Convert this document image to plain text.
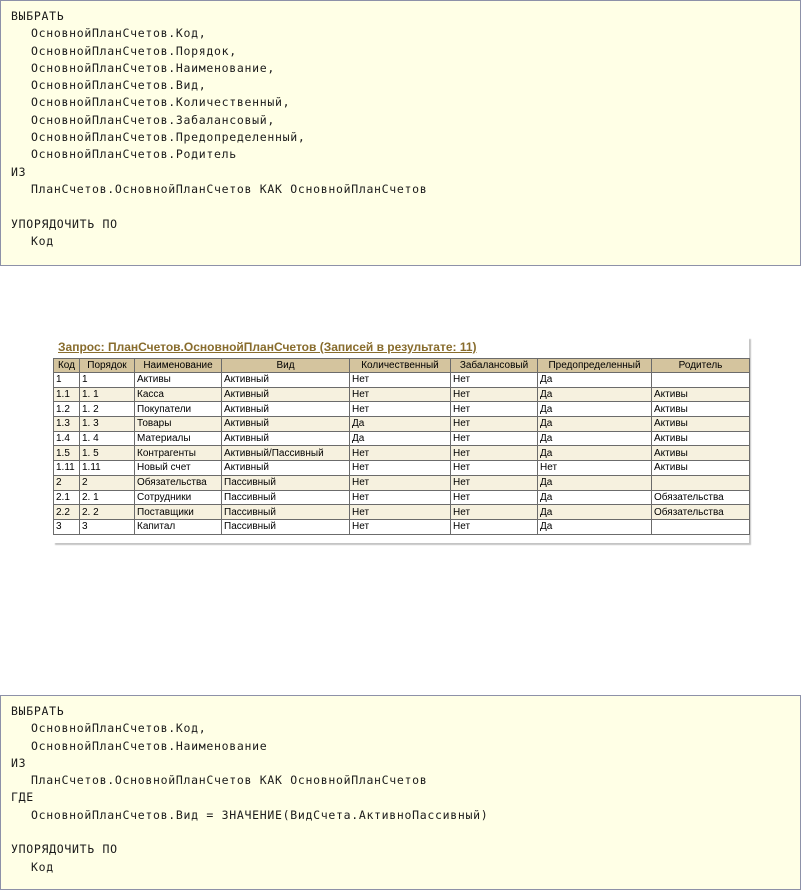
ВЫБРАТЬ
ОсновнойПланСчетов.Код,
ОсновнойПланСчетов.Порядок,
ОсновнойПланСчетов.Наименование,
ОсновнойПланСчетов.Вид,
ОсновнойПланСчетов.Количественный,
ОсновнойПланСчетов.Забалансовый,
ОсновнойПланСчетов.Предопределенный,
ОсновнойПланСчетов.Родитель
ИЗ
ПланСчетов.ОсновнойПланСчетов КАК ОсновнойПланСчетов
УПОРЯДОЧИТЬ ПО
Код
Запрос: ПланСчетов.ОсновнойПланСчетов (Записей в результате: 11)
Код	Порядок	Наименование	Вид	Количественный	Забалансовый	Предопределенный	Родитель
1	1	Активы	Активный	Нет	Нет	Да	
1.1	1. 1	Касса	Активный	Нет	Нет	Да	Активы
1.2	1. 2	Покупатели	Активный	Нет	Нет	Да	Активы
1.3	1. 3	Товары	Активный	Да	Нет	Да	Активы
1.4	1. 4	Материалы	Активный	Да	Нет	Да	Активы
1.5	1. 5	Контрагенты	Активный/Пассивный	Нет	Нет	Да	Активы
1.11	1.11	Новый счет	Активный	Нет	Нет	Нет	Активы
2	2	Обязательства	Пассивный	Нет	Нет	Да	
2.1	2. 1	Сотрудники	Пассивный	Нет	Нет	Да	Обязательства
2.2	2. 2	Поставщики	Пассивный	Нет	Нет	Да	Обязательства
3	3	Капитал	Пассивный	Нет	Нет	Да	
ВЫБРАТЬ
ОсновнойПланСчетов.Код,
ОсновнойПланСчетов.Наименование
ИЗ
ПланСчетов.ОсновнойПланСчетов КАК ОсновнойПланСчетов
ГДЕ
ОсновнойПланСчетов.Вид = ЗНАЧЕНИЕ(ВидСчета.АктивноПассивный)
УПОРЯДОЧИТЬ ПО
Код
